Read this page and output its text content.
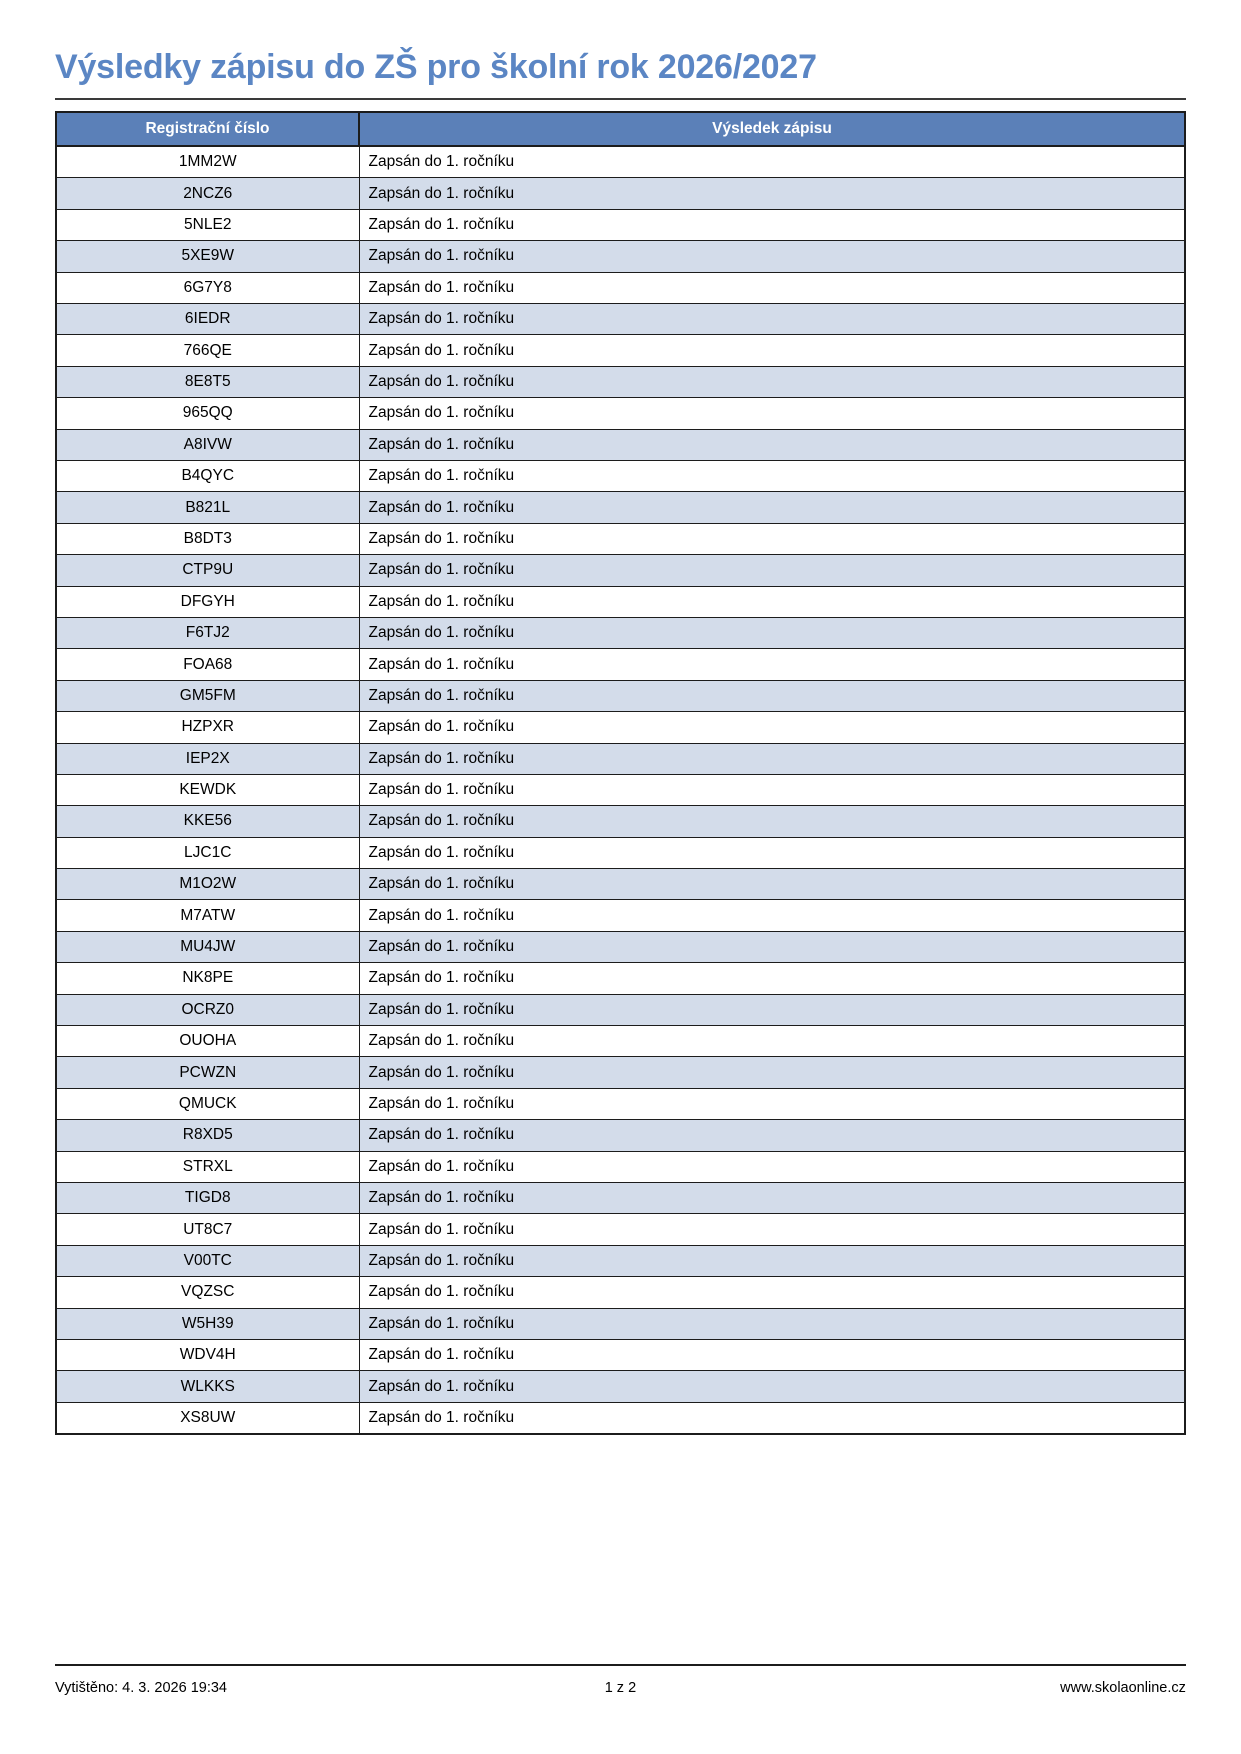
Výsledky zápisu do ZŠ pro školní rok 2026/2027
Registrační číslo	Výsledek zápisu
1MM2W	Zapsán do 1. ročníku
2NCZ6	Zapsán do 1. ročníku
5NLE2	Zapsán do 1. ročníku
5XE9W	Zapsán do 1. ročníku
6G7Y8	Zapsán do 1. ročníku
6IEDR	Zapsán do 1. ročníku
766QE	Zapsán do 1. ročníku
8E8T5	Zapsán do 1. ročníku
965QQ	Zapsán do 1. ročníku
A8IVW	Zapsán do 1. ročníku
B4QYC	Zapsán do 1. ročníku
B821L	Zapsán do 1. ročníku
B8DT3	Zapsán do 1. ročníku
CTP9U	Zapsán do 1. ročníku
DFGYH	Zapsán do 1. ročníku
F6TJ2	Zapsán do 1. ročníku
FOA68	Zapsán do 1. ročníku
GM5FM	Zapsán do 1. ročníku
HZPXR	Zapsán do 1. ročníku
IEP2X	Zapsán do 1. ročníku
KEWDK	Zapsán do 1. ročníku
KKE56	Zapsán do 1. ročníku
LJC1C	Zapsán do 1. ročníku
M1O2W	Zapsán do 1. ročníku
M7ATW	Zapsán do 1. ročníku
MU4JW	Zapsán do 1. ročníku
NK8PE	Zapsán do 1. ročníku
OCRZ0	Zapsán do 1. ročníku
OUOHA	Zapsán do 1. ročníku
PCWZN	Zapsán do 1. ročníku
QMUCK	Zapsán do 1. ročníku
R8XD5	Zapsán do 1. ročníku
STRXL	Zapsán do 1. ročníku
TIGD8	Zapsán do 1. ročníku
UT8C7	Zapsán do 1. ročníku
V00TC	Zapsán do 1. ročníku
VQZSC	Zapsán do 1. ročníku
W5H39	Zapsán do 1. ročníku
WDV4H	Zapsán do 1. ročníku
WLKKS	Zapsán do 1. ročníku
XS8UW	Zapsán do 1. ročníku
Vytištěno: 4. 3. 2026 19:34	1 z 2	www.skolaonline.cz
